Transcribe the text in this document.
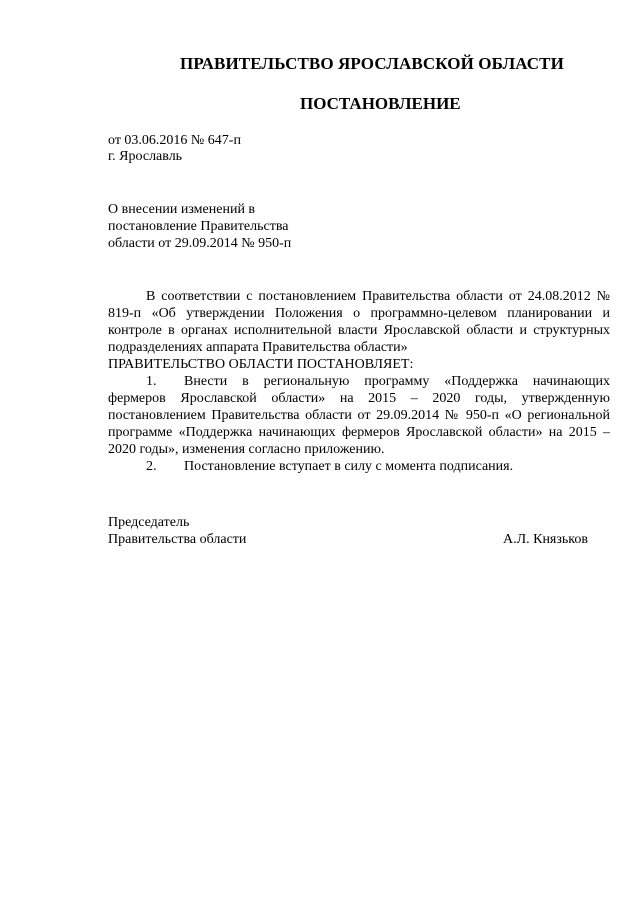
ПРАВИТЕЛЬСТВО ЯРОСЛАВСКОЙ ОБЛАСТИ
ПОСТАНОВЛЕНИЕ
от 03.06.2016 № 647-п
г. Ярославль
О внесении изменений в
постановление Правительства
области от 29.09.2014 № 950-п
В соответствии с постановлением Правительства области от 24.08.2012 № 819-п «Об утверждении Положения о программно-целевом планировании и контроле в органах исполнительной власти Ярославской области и структурных подразделениях аппарата Правительства области»
ПРАВИТЕЛЬСТВО ОБЛАСТИ ПОСТАНОВЛЯЕТ:
1.	Внести в региональную программу «Поддержка начинающих
фермеров Ярославской области» на 2015 – 2020 годы, утвержденную постановлением Правительства области от 29.09.2014 № 950-п «О региональной программе «Поддержка начинающих фермеров Ярославской области» на 2015 – 2020 годы», изменения согласно приложению.
2.	Постановление вступает в силу с момента подписания.
Председатель
Правительства области	А.Л. Князьков
